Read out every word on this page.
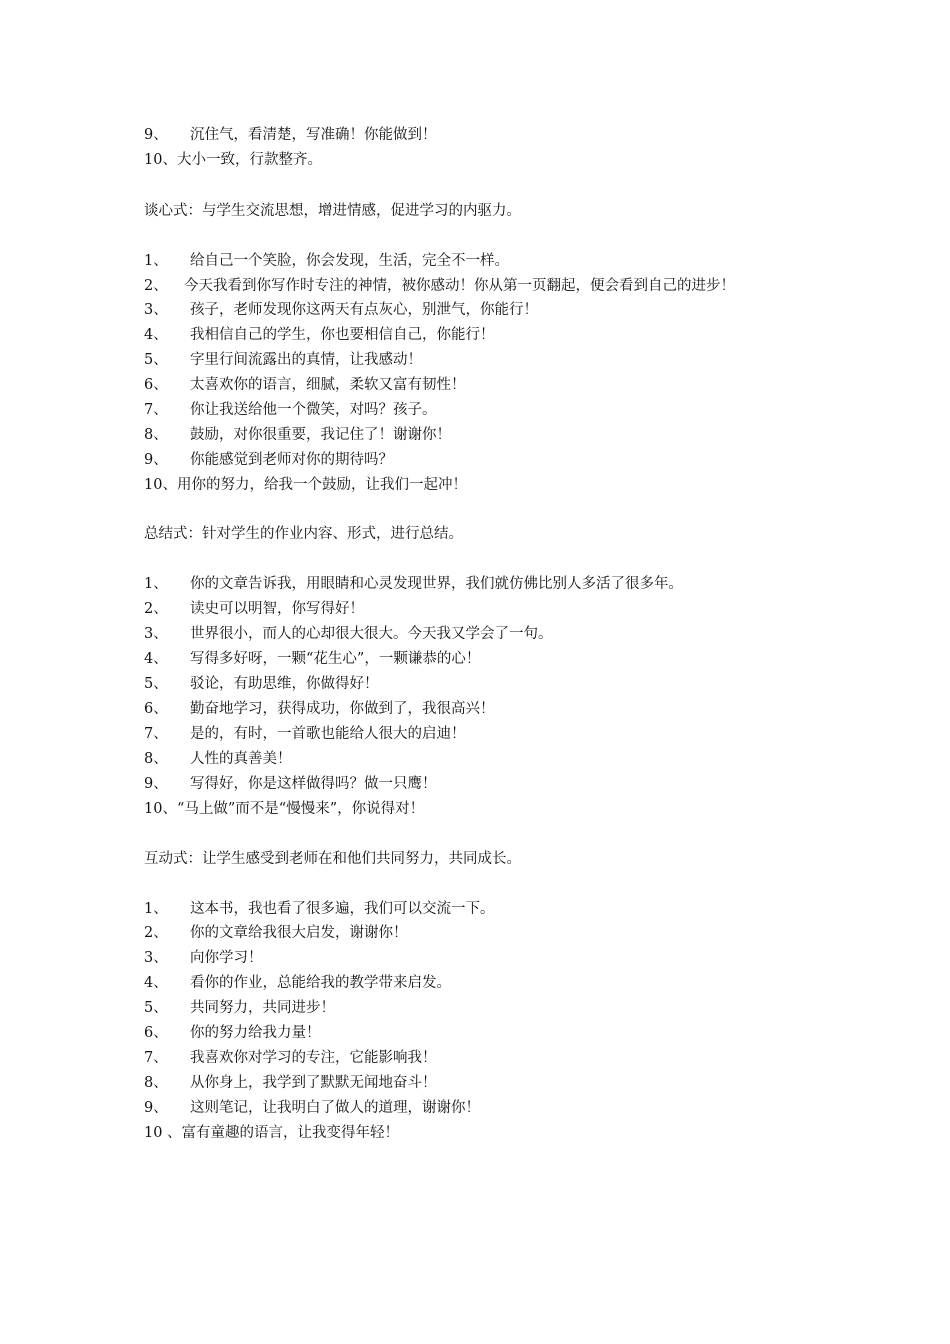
9、 沉住气，看清楚，写准确！你能做到！
10、大小一致，行款整齐。
谈心式：与学生交流思想，增进情感，促进学习的内驱力。
1、 给自己一个笑脸，你会发现，生活，完全不一样。
2、 今天我看到你写作时专注的神情，被你感动！你从第一页翻起，便会看到自己的进步！
3、 孩子，老师发现你这两天有点灰心，别泄气，你能行！
4、 我相信自己的学生，你也要相信自己，你能行！
5、 字里行间流露出的真情，让我感动！
6、 太喜欢你的语言，细腻，柔软又富有韧性！
7、 你让我送给他一个微笑，对吗？孩子。
8、 鼓励，对你很重要，我记住了！谢谢你！
9、 你能感觉到老师对你的期待吗？
10、用你的努力，给我一个鼓励，让我们一起冲！
总结式：针对学生的作业内容、形式，进行总结。
1、 你的文章告诉我，用眼睛和心灵发现世界，我们就仿佛比别人多活了很多年。
2、 读史可以明智，你写得好！
3、 世界很小，而人的心却很大很大。今天我又学会了一句。
4、 写得多好呀，一颗“花生心”，一颗谦恭的心！
5、 驳论，有助思维，你做得好！
6、 勤奋地学习，获得成功，你做到了，我很高兴！
7、 是的，有时，一首歌也能给人很大的启迪！
8、 人性的真善美！
9、 写得好，你是这样做得吗？做一只鹰！
10、“马上做”而不是“慢慢来”，你说得对！
互动式：让学生感受到老师在和他们共同努力，共同成长。
1、 这本书，我也看了很多遍，我们可以交流一下。
2、 你的文章给我很大启发，谢谢你！
3、 向你学习！
4、 看你的作业，总能给我的教学带来启发。
5、 共同努力，共同进步！
6、 你的努力给我力量！
7、 我喜欢你对学习的专注，它能影响我！
8、 从你身上，我学到了默默无闻地奋斗！
9、 这则笔记，让我明白了做人的道理，谢谢你！
10 、富有童趣的语言，让我变得年轻！
